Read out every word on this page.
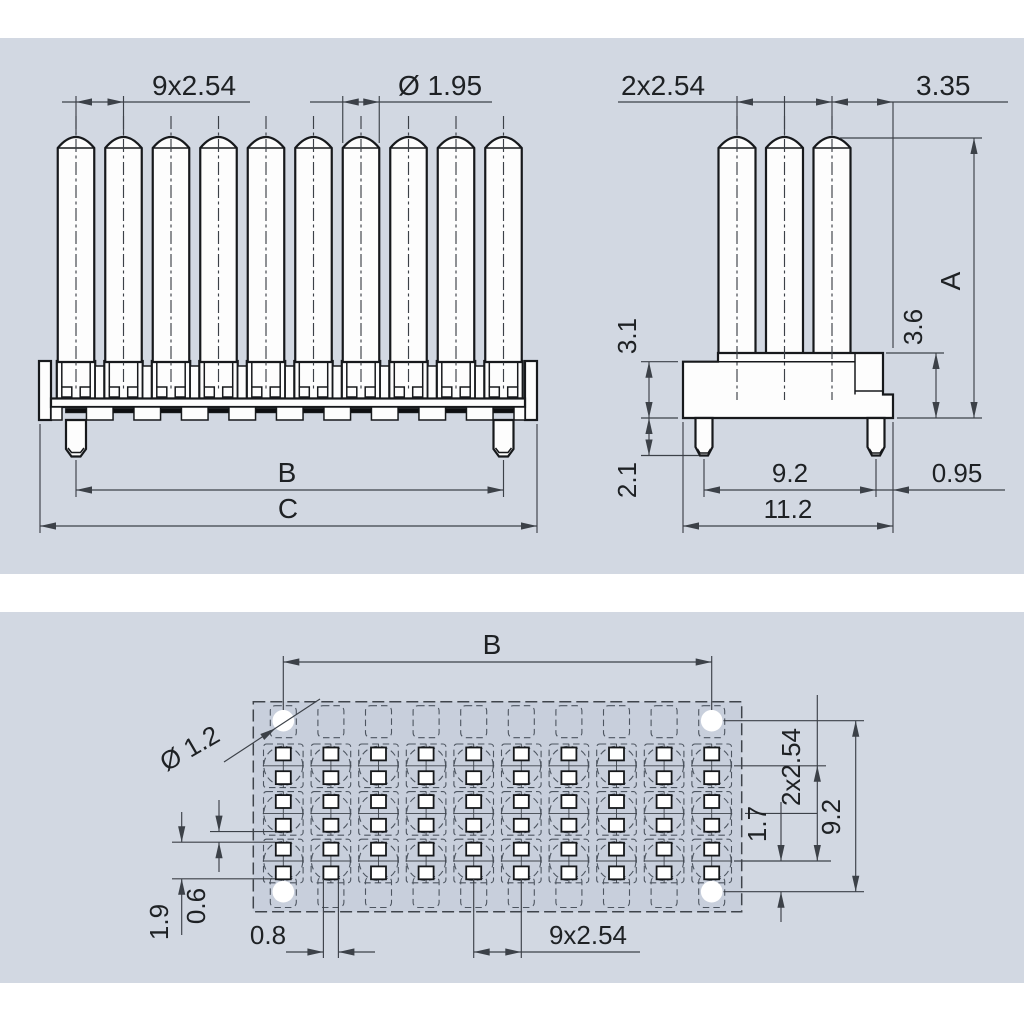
9x2.54	Ø 1.95
B
C
2x2.54	3.35
A
3.6
3.1
2.1	9.2	0.95
11.2
B
Ø 1.2	2x2.54
9.2
1.7
1.9 0.6
0.8	9x2.54
